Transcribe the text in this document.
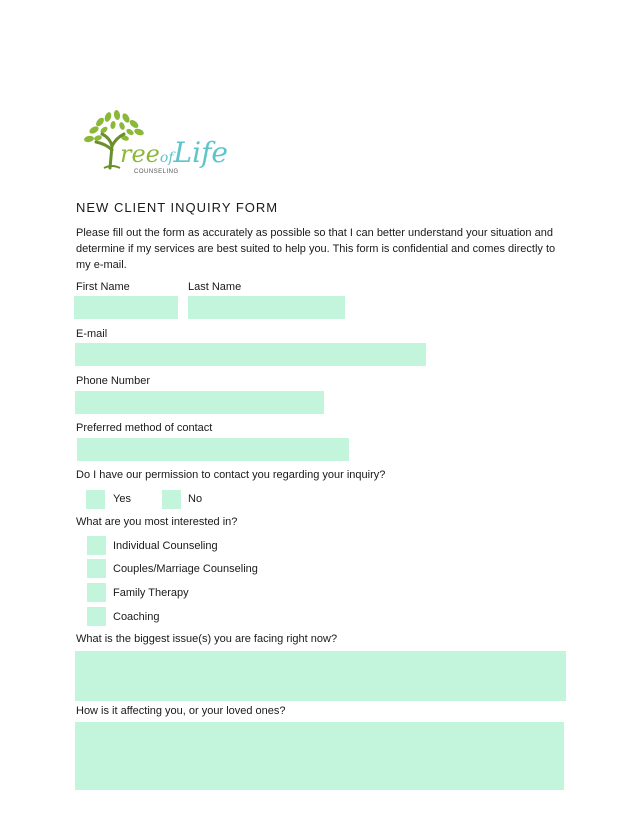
reeofLife
COUNSELING
NEW CLIENT INQUIRY FORM
Please fill out the form as accurately as possible so that I can better understand your situation and determine if my services are best suited to help you. This form is confidential and comes directly to my e-mail.
First Name	Last Name
E-mail
Phone Number
Preferred method of contact
Do I have our permission to contact you regarding your inquiry?
Yes	No
What are you most interested in?
Individual Counseling
Couples/Marriage Counseling
Family Therapy
Coaching
What is the biggest issue(s) you are facing right now?
How is it affecting you, or your loved ones?
